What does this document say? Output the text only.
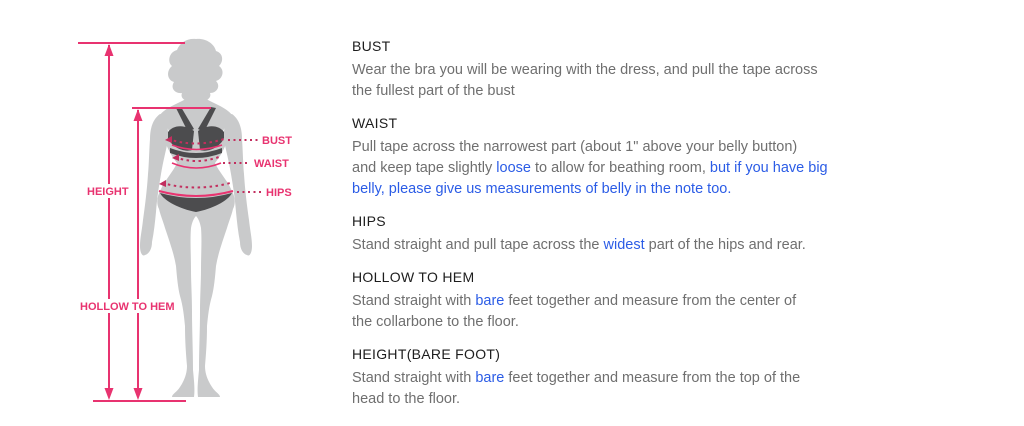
HEIGHT
HOLLOW TO HEM
BUST
WAIST
HIPS
BUST

Wear the bra you will be wearing with the dress, and pull the tape across
the fullest part of the bust

WAIST

Pull tape across the narrowest part (about 1" above your belly button)
and keep tape slightly loose to allow for beathing room, but if you have big
belly, please give us measurements of belly in the note too.

HIPS

Stand straight and pull tape across the widest part of the hips and rear.

HOLLOW TO HEM

Stand straight with bare feet together and measure from the center of
the collarbone to the floor.

HEIGHT(BARE FOOT)

Stand straight with bare feet together and measure from the top of the
head to the floor.
